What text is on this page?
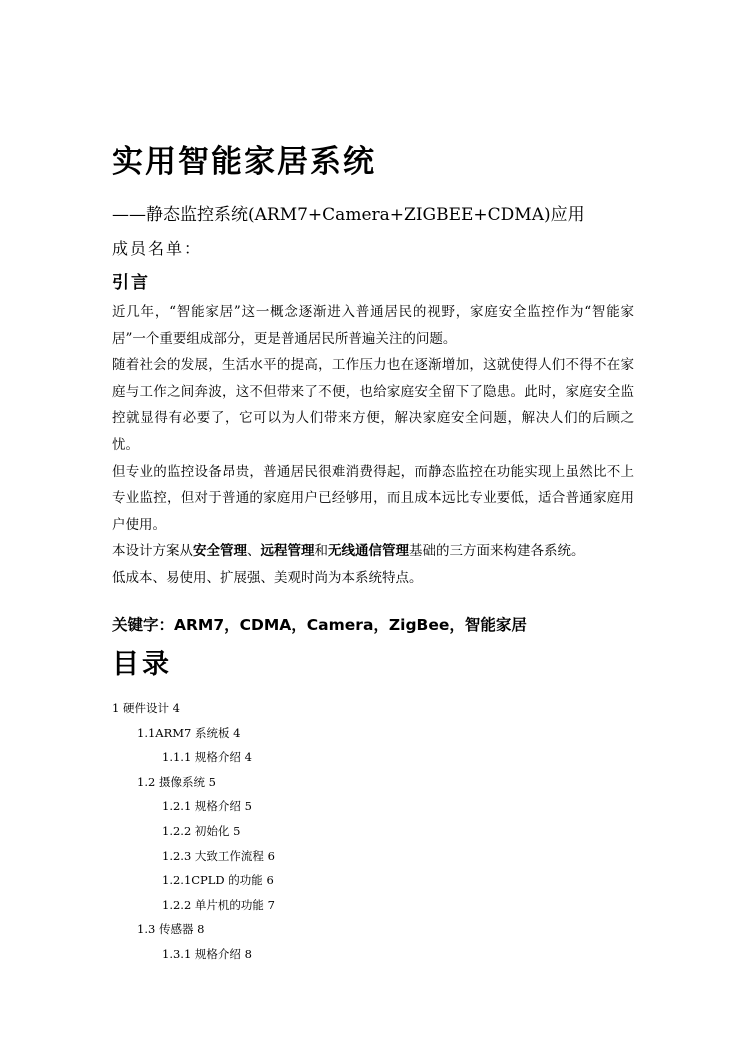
实用智能家居系统
——静态监控系统(ARM7+Camera+ZIGBEE+CDMA)应用
成员名单：
引言

近几年，“智能家居”这一概念逐渐进入普通居民的视野，家庭安全监控作为“智能家居”一个重要组成部分，更是普通居民所普遍关注的问题。

随着社会的发展，生活水平的提高，工作压力也在逐渐增加，这就使得人们不得不在家庭与工作之间奔波，这不但带来了不便，也给家庭安全留下了隐患。此时，家庭安全监控就显得有必要了，它可以为人们带来方便，解决家庭安全问题，解决人们的后顾之忧。

但专业的监控设备昂贵，普通居民很难消费得起，而静态监控在功能实现上虽然比不上专业监控，但对于普通的家庭用户已经够用，而且成本远比专业要低，适合普通家庭用户使用。

本设计方案从安全管理、远程管理和无线通信管理基础的三方面来构建各系统。

低成本、易使用、扩展强、美观时尚为本系统特点。

关键字：ARM7，CDMA，Camera，ZigBee，智能家居
目录
1 硬件设计 4
1.1ARM7 系统板 4
1.1.1 规格介绍 4
1.2 摄像系统 5
1.2.1 规格介绍 5
1.2.2 初始化 5
1.2.3 大致工作流程 6
1.2.1CPLD 的功能 6
1.2.2 单片机的功能 7
1.3 传感器 8
1.3.1 规格介绍 8
